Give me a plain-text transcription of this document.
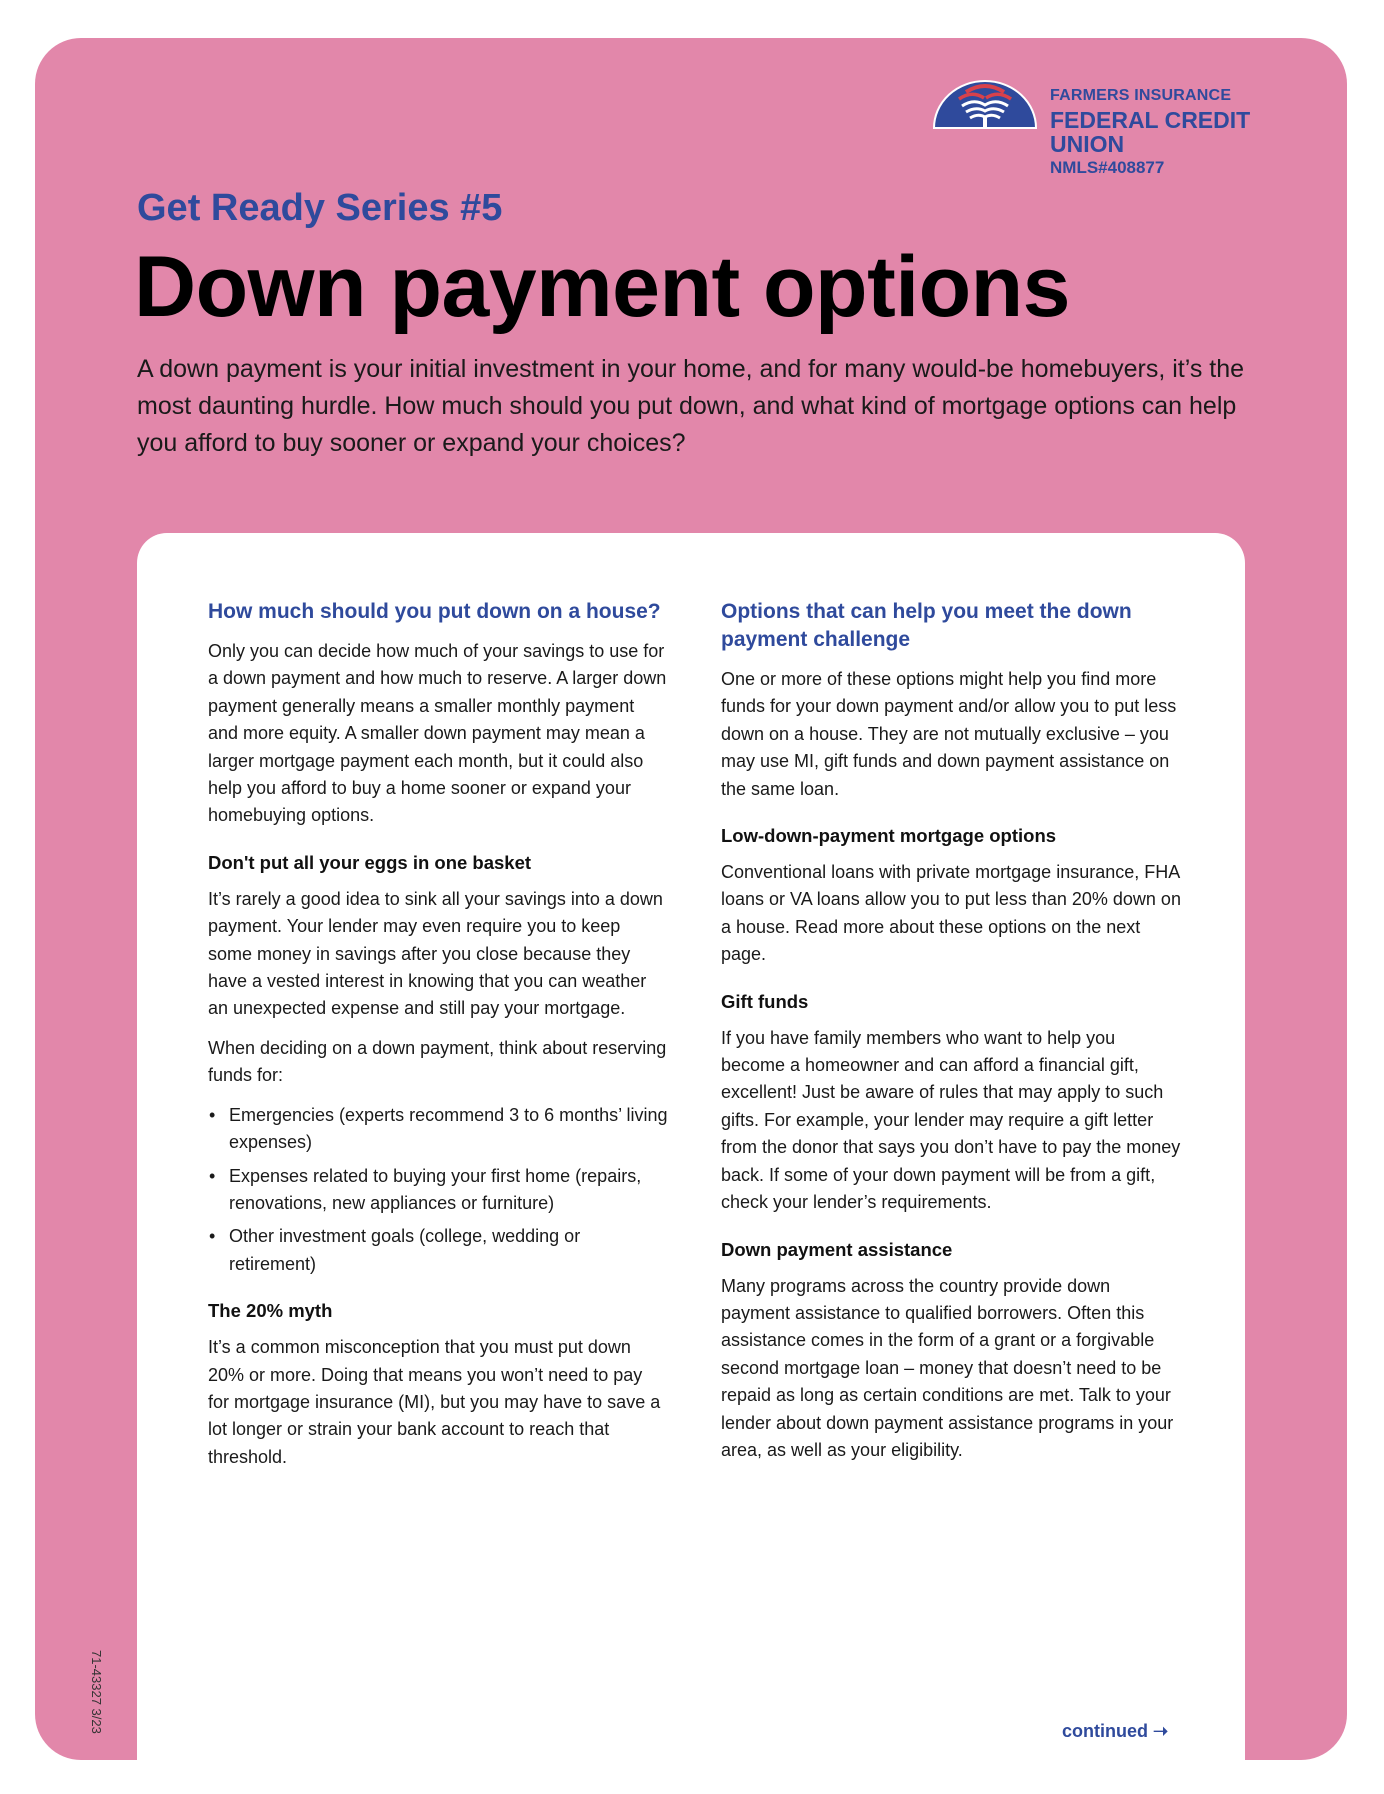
FARMERS INSURANCE
FEDERAL CREDIT UNION
NMLS#408877
Get Ready Series #5
Down payment options
A down payment is your initial investment in your home, and for many would-be homebuyers, it’s the most daunting hurdle. How much should you put down, and what kind of mortgage options can help you afford to buy sooner or expand your choices?
How much should you put down on a house?

Only you can decide how much of your savings to use for a down payment and how much to reserve. A larger down payment generally means a smaller monthly payment and more equity. A smaller down payment may mean a larger mortgage payment each month, but it could also help you afford to buy a home sooner or expand your homebuying options.

Don't put all your eggs in one basket

It’s rarely a good idea to sink all your savings into a down payment. Your lender may even require you to keep some money in savings after you close because they have a vested interest in knowing that you can weather an unexpected expense and still pay your mortgage.

When deciding on a down payment, think about reserving funds for:

• Emergencies (experts recommend 3 to 6 months’ living expenses)
• Expenses related to buying your first home (repairs, renovations, new appliances or furniture)
• Other investment goals (college, wedding or retirement)
The 20% myth

It’s a common misconception that you must put down 20% or more. Doing that means you won’t need to pay for mortgage insurance (MI), but you may have to save a lot longer or strain your bank account to reach that threshold.

Options that can help you meet the down payment challenge

One or more of these options might help you find more funds for your down payment and/or allow you to put less down on a house. They are not mutually exclusive – you may use MI, gift funds and down payment assistance on the same loan.

Low-down-payment mortgage options

Conventional loans with private mortgage insurance, FHA loans or VA loans allow you to put less than 20% down on a house. Read more about these options on the next page.

Gift funds

If you have family members who want to help you become a homeowner and can afford a financial gift, excellent! Just be aware of rules that may apply to such gifts. For example, your lender may require a gift letter from the donor that says you don’t have to pay the money back. If some of your down payment will be from a gift, check your lender’s requirements.

Down payment assistance

Many programs across the country provide down payment assistance to qualified borrowers. Often this assistance comes in the form of a grant or a forgivable second mortgage loan – money that doesn’t need to be repaid as long as certain conditions are met. Talk to your lender about down payment assistance programs in your area, as well as your eligibility.

71-43327 3/23	continued ➝
